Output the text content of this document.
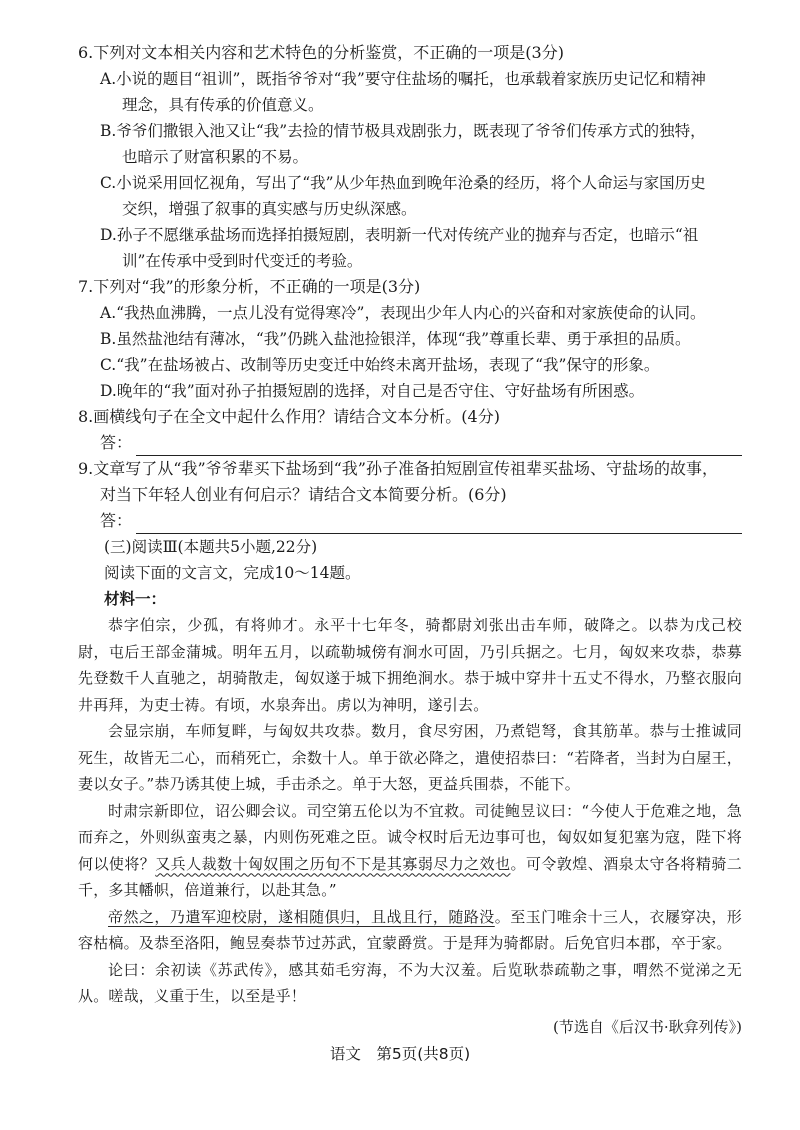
6.下列对文本相关内容和艺术特色的分析鉴赏，不正确的一项是(3分)

A.小说的题目“祖训”，既指爷爷对“我”要守住盐场的嘱托，也承载着家族历史记忆和精神
理念，具有传承的价值意义。

B.爷爷们撒银入池又让“我”去捡的情节极具戏剧张力，既表现了爷爷们传承方式的独特，
也暗示了财富积累的不易。

C.小说采用回忆视角，写出了“我”从少年热血到晚年沧桑的经历，将个人命运与家国历史
交织，增强了叙事的真实感与历史纵深感。

D.孙子不愿继承盐场而选择拍摄短剧，表明新一代对传统产业的抛弃与否定，也暗示“祖
训”在传承中受到时代变迁的考验。

7.下列对“我”的形象分析，不正确的一项是(3分)

A.“我热血沸腾，一点儿没有觉得寒冷”，表现出少年人内心的兴奋和对家族使命的认同。

B.虽然盐池结有薄冰，“我”仍跳入盐池捡银洋，体现“我”尊重长辈、勇于承担的品质。

C.“我”在盐场被占、改制等历史变迁中始终未离开盐场，表现了“我”保守的形象。

D.晚年的“我”面对孙子拍摄短剧的选择，对自己是否守住、守好盐场有所困惑。

8.画横线句子在全文中起什么作用？请结合文本分析。(4分)

答：

9.文章写了从“我”爷爷辈买下盐场到“我”孙子准备拍短剧宣传祖辈买盐场、守盐场的故事，

对当下年轻人创业有何启示？请结合文本简要分析。(6分)

答：

(三)阅读Ⅲ(本题共5小题,22分)

阅读下面的文言文，完成10～14题。

材料一：

恭字伯宗，少孤，有将帅才。永平十七年冬，骑都尉刘张出击车师，破降之。以恭为戊己校尉，屯后王部金蒲城。明年五月，以疏勒城傍有涧水可固，乃引兵据之。七月，匈奴来攻恭，恭募先登数千人直驰之，胡骑散走，匈奴遂于城下拥绝涧水。恭于城中穿井十五丈不得水，乃整衣服向井再拜，为吏士祷。有顷，水泉奔出。虏以为神明，遂引去。

会显宗崩，车师复畔，与匈奴共攻恭。数月，食尽穷困，乃煮铠弩，食其筋革。恭与士推诚同死生，故皆无二心，而稍死亡，余数十人。单于欲必降之，遣使招恭曰：“若降者，当封为白屋王，妻以女子。”恭乃诱其使上城，手击杀之。单于大怒，更益兵围恭，不能下。

时肃宗新即位，诏公卿会议。司空第五伦以为不宜救。司徒鲍昱议曰：“今使人于危难之地，急而弃之，外则纵蛮夷之暴，内则伤死难之臣。诚令权时后无边事可也，匈奴如复犯塞为寇，陛下将何以使将？又兵人裁数十匈奴围之历旬不下是其寡弱尽力之效也。可令敦煌、酒泉太守各将精骑二千，多其幡帜，倍道兼行，以赴其急。”

帝然之，乃遣军迎校尉，遂相随俱归，且战且行，随路没。至玉门唯余十三人，衣屦穿决，形容枯槁。及恭至洛阳，鲍昱奏恭节过苏武，宜蒙爵赏。于是拜为骑都尉。后免官归本郡，卒于家。

论曰：余初读《苏武传》，感其茹毛穷海，不为大汉羞。后览耿恭疏勒之事，喟然不觉涕之无从。嗟哉，义重于生，以至是乎！

(节选自《后汉书·耿弇列传》)

语文　第5页(共8页)
